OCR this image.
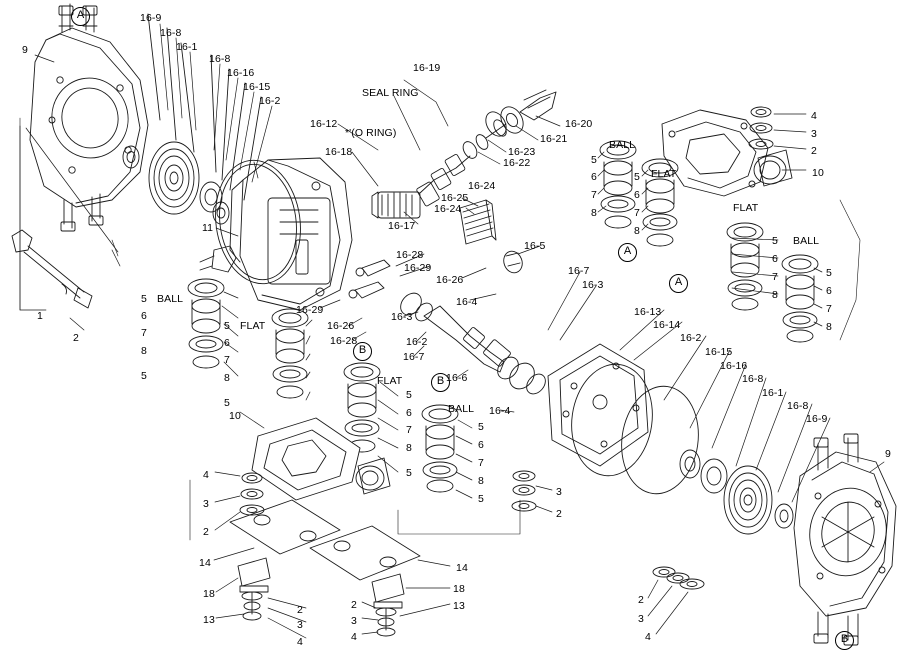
16-9
16-8
16-1
16-8
16-16
16-15
16-2
16-19
SEAL RING
16-12
*'(O RING)
16-18
16-20
16-21
16-23
16-22
BALL
FLAT
FLAT
BALL
9
11	16-17
16-25
16-24
16-24
16-28
16-29
16-26
16-5
16-7
16-3
16-4
16-3
16-7
16-2
16-29
16-26
16-28
16-6
16-4
16-13
16-14
16-2
16-15
16-16
16-8
16-1
16-8
16-9
9
BALL
FLAT
FLAT
BALL
1
2
10
10
4
3
2
4
3
2
14
18
13
2
3
4
2
3
4
18
13
14
3
2
2
3
4
5
6
7
8
5
5
6
7
8
5
5
6
7
8
5
5
6
7
8
5
5
6
7
8
5
6
7
8
5
6
7
8
5
6
7
8
A
A
A
B
B
B
